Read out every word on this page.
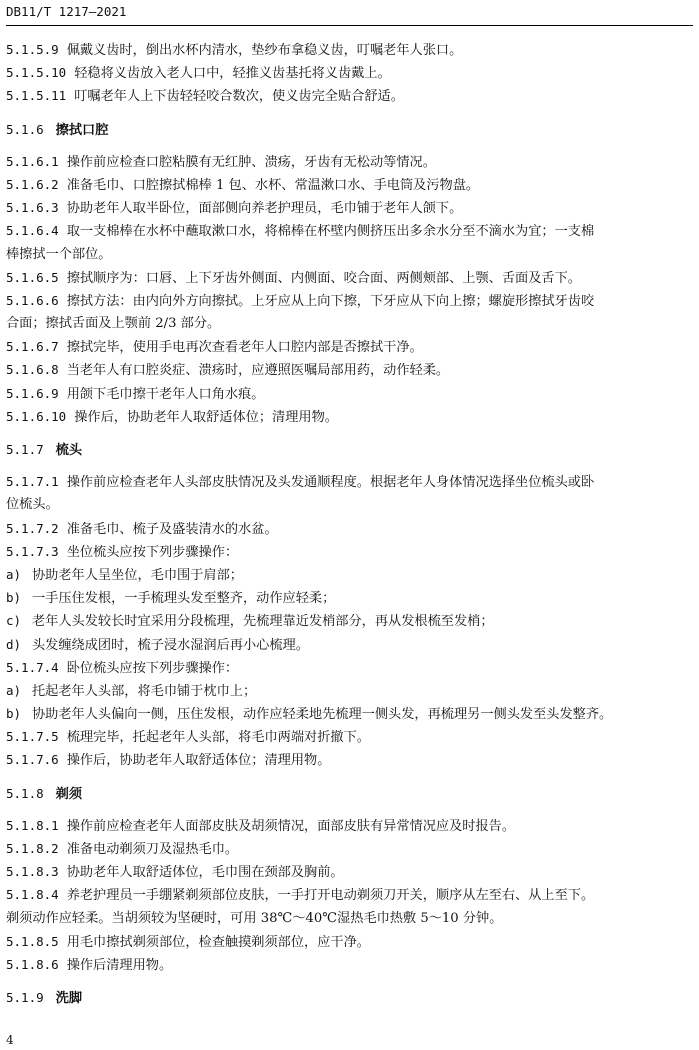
DB11/T 1217—2021
5.1.5.9 佩戴义齿时，倒出水杯内清水，垫纱布拿稳义齿，叮嘱老年人张口。
5.1.5.10 轻稳将义齿放入老人口中，轻推义齿基托将义齿戴上。
5.1.5.11 叮嘱老年人上下齿轻轻咬合数次，使义齿完全贴合舒适。
5.1.6 擦拭口腔
5.1.6.1 操作前应检查口腔粘膜有无红肿、溃疡，牙齿有无松动等情况。
5.1.6.2 准备毛巾、口腔擦拭棉棒 1 包、水杯、常温漱口水、手电筒及污物盘。
5.1.6.3 协助老年人取半卧位，面部侧向养老护理员，毛巾铺于老年人颌下。
5.1.6.4 取一支棉棒在水杯中蘸取漱口水，将棉棒在杯壁内侧挤压出多余水分至不滴水为宜；一支棉
棒擦拭一个部位。
5.1.6.5 擦拭顺序为：口唇、上下牙齿外侧面、内侧面、咬合面、两侧颊部、上颚、舌面及舌下。
5.1.6.6 擦拭方法：由内向外方向擦拭。上牙应从上向下擦，下牙应从下向上擦；螺旋形擦拭牙齿咬
合面；擦拭舌面及上颚前 2/3 部分。
5.1.6.7 擦拭完毕，使用手电再次查看老年人口腔内部是否擦拭干净。
5.1.6.8 当老年人有口腔炎症、溃疡时，应遵照医嘱局部用药，动作轻柔。
5.1.6.9 用颌下毛巾擦干老年人口角水痕。
5.1.6.10 操作后，协助老年人取舒适体位；清理用物。
5.1.7 梳头
5.1.7.1 操作前应检查老年人头部皮肤情况及头发通顺程度。根据老年人身体情况选择坐位梳头或卧
位梳头。
5.1.7.2 准备毛巾、梳子及盛装清水的水盆。
5.1.7.3 坐位梳头应按下列步骤操作：
a) 协助老年人呈坐位，毛巾围于肩部；
b) 一手压住发根，一手梳理头发至整齐，动作应轻柔；
c) 老年人头发较长时宜采用分段梳理，先梳理靠近发梢部分，再从发根梳至发梢；
d) 头发缠绕成团时，梳子浸水湿润后再小心梳理。
5.1.7.4 卧位梳头应按下列步骤操作：
a) 托起老年人头部，将毛巾铺于枕巾上；
b) 协助老年人头偏向一侧，压住发根，动作应轻柔地先梳理一侧头发，再梳理另一侧头发至头发整齐。
5.1.7.5 梳理完毕，托起老年人头部，将毛巾两端对折撤下。
5.1.7.6 操作后，协助老年人取舒适体位；清理用物。
5.1.8 剃须
5.1.8.1 操作前应检查老年人面部皮肤及胡须情况，面部皮肤有异常情况应及时报告。
5.1.8.2 准备电动剃须刀及湿热毛巾。
5.1.8.3 协助老年人取舒适体位，毛巾围在颈部及胸前。
5.1.8.4 养老护理员一手绷紧剃须部位皮肤，一手打开电动剃须刀开关，顺序从左至右、从上至下。
剃须动作应轻柔。当胡须较为坚硬时，可用 38℃～40℃湿热毛巾热敷 5～10 分钟。
5.1.8.5 用毛巾擦拭剃须部位，检查触摸剃须部位，应干净。
5.1.8.6 操作后清理用物。
5.1.9 洗脚
4
